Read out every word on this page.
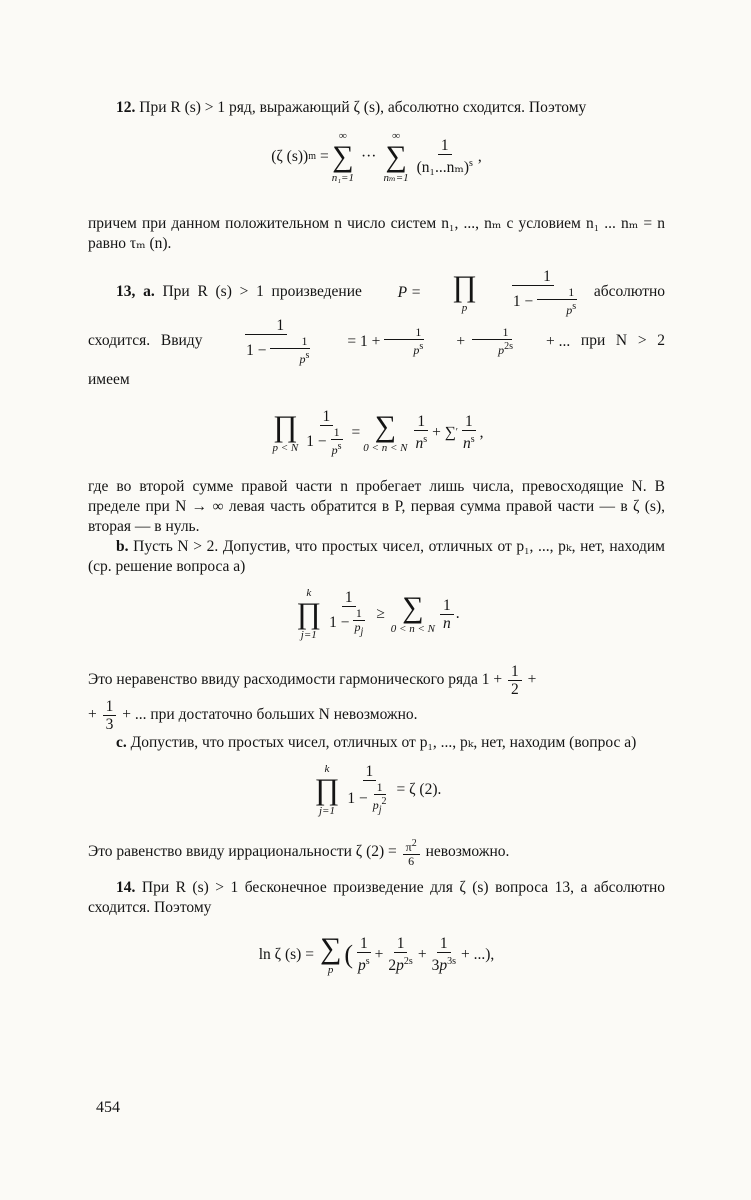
12. При R (s) > 1 ряд, выражающий ζ (s), абсолютно сходится. Поэтому

(ζ (s)) m =
∞
∑
n₁=1
···
∞
∑
nₘ=1
$\frac{1}{(n_1...n_m)^s}$ ,

причем при данном положительном n число систем n₁, ..., nₘ с условием n₁ ... nₘ = n равно τₘ (n).

13, а. При R (s) > 1 произведение	P =	∏
p $\frac{1}{1 - \frac{1}{p^s}}$ абсолютно сходится. Ввиду $\frac{1}{1 - \frac{1}{p^s}}$	= $1 + \frac{1}{p^s} + \frac{1}{p^{2s}}$	+ ... при N > 2 имеем

∏
p < N $\frac{1}{1 - \frac{1}{p^s}}$ = ∑
0 < n < N $\frac{1}{n^s}$ + ∑ ′ $\frac{1}{n^s}$ ,

где во второй сумме правой части n пробегает лишь числа, превосходящие N. В пределе при N → ∞ левая часть обратится в P, первая сумма правой части — в ζ (s), вторая — в нуль.

b. Пусть N > 2. Допустив, что простых чисел, отличных от p₁, ..., pₖ, нет, находим (ср. решение вопроса а)

k
∏
$j=1 \frac{1}{1 - \frac{1}{p_j}}$ ≥ ∑
0 < n < N $\frac{1}{n}$ .

Это неравенство ввиду расходимости гармонического ряда $1 + \frac{1}{2}$ +
+ $\frac{1}{3}$ + ... при достаточно больших N невозможно.

с. Допустив, что простых чисел, отличных от p₁, ..., pₖ, нет, находим (вопрос а)

k
∏
$j=1 \frac{1}{1 - \frac{1}{p_j^2}} = \zeta$ (2).

Это равенство ввиду иррациональности ζ $(2) = \frac{\pi^2}{6}$ невозможно.

14. При R (s) > 1 бесконечное произведение для ζ (s) вопроса 13, а абсолютно сходится. Поэтому

ln ζ (s) = ∑
p
( $\frac{1}{p^s} + \frac{1}{2p^{2s}} + \frac{1}{3p^{3s}}$ + ...),
454
